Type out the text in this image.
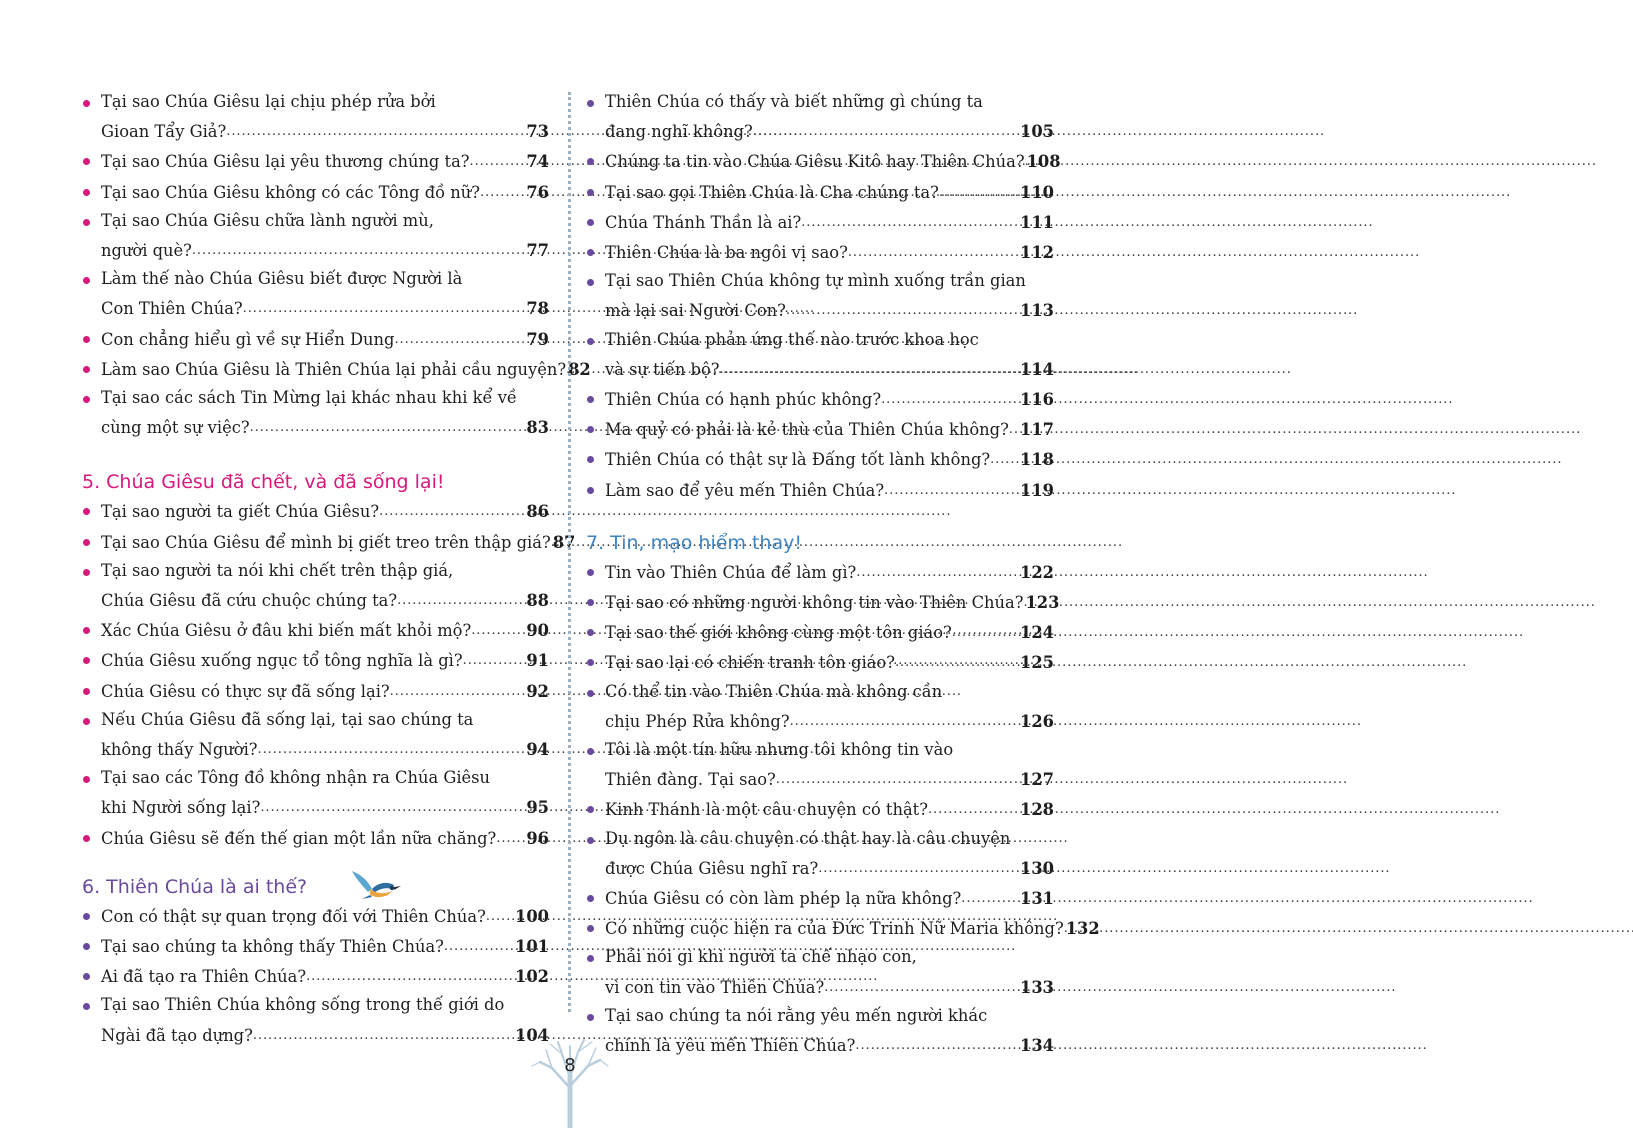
Tại sao Chúa Giêsu lại chịu phép rửa bởi
Gioan Tẩy Giả? . . .	73
Tại sao Chúa Giêsu lại yêu thương chúng ta? . . .	74
Tại sao Chúa Giêsu không có các Tông đồ nữ? . . .	76
Tại sao Chúa Giêsu chữa lành người mù,
người què? . . .	77
Làm thế nào Chúa Giêsu biết được Người là
Con Thiên Chúa? . . .	78
Con chẳng hiểu gì về sự Hiển Dung . . .	79
Làm sao Chúa Giêsu là Thiên Chúa lại phải cầu nguyện? 82
Tại sao các sách Tin Mừng lại khác nhau khi kể về
cùng một sự việc? . . .	83
5. Chúa Giêsu đã chết, và đã sống lại!
Tại sao người ta giết Chúa Giêsu? . . .	86
Tại sao Chúa Giêsu để mình bị giết treo trên thập giá? 87
Tại sao người ta nói khi chết trên thập giá,
Chúa Giêsu đã cứu chuộc chúng ta? . . .	88
Xác Chúa Giêsu ở đâu khi biến mất khỏi mộ? . . .	90
Chúa Giêsu xuống ngục tổ tông nghĩa là gì? . . .	91
Chúa Giêsu có thực sự đã sống lại? . . .	92
Nếu Chúa Giêsu đã sống lại, tại sao chúng ta
không thấy Người? . . .	94
Tại sao các Tông đồ không nhận ra Chúa Giêsu
khi Người sống lại? . . .	95
Chúa Giêsu sẽ đến thế gian một lần nữa chăng? . . . 96
6. Thiên Chúa là ai thế?
Con có thật sự quan trọng đối với Thiên Chúa? . . . 100
Tại sao chúng ta không thấy Thiên Chúa? . . .	101
Ai đã tạo ra Thiên Chúa? . . .	102
Tại sao Thiên Chúa không sống trong thế giới do
Ngài đã tạo dựng? . . .	104
Thiên Chúa có thấy và biết những gì chúng ta
đang nghĩ không? . . .	105
Chúng ta tin vào Chúa Giêsu Kitô hay Thiên Chúa? 108
Tại sao gọi Thiên Chúa là Cha chúng ta? . . .	110
Chúa Thánh Thần là ai? . . .	111
Thiên Chúa là ba ngôi vị sao? . . .	112
Tại sao Thiên Chúa không tự mình xuống trần gian
mà lại sai Người Con? . . .	113
Thiên Chúa phản ứng thế nào trước khoa học
và sự tiến bộ? . . .	114
Thiên Chúa có hạnh phúc không? . . .	116
Ma quỷ có phải là kẻ thù của Thiên Chúa không? . . . 117
Thiên Chúa có thật sự là Đấng tốt lành không? . . . 118
Làm sao để yêu mến Thiên Chúa? . . .	119
7. Tin, mạo hiểm thay!
Tin vào Thiên Chúa để làm gì? . . .	122
Tại sao có những người không tin vào Thiên Chúa? 123
Tại sao thế giới không cùng một tôn giáo? . . .	124
Tại sao lại có chiến tranh tôn giáo? . . .	125
Có thể tin vào Thiên Chúa mà không cần
chịu Phép Rửa không? . . .	126
Tôi là một tín hữu nhưng tôi không tin vào
Thiên đàng. Tại sao? . . .	127
Kinh Thánh là một câu chuyện có thật? . . .	128
Dụ ngôn là câu chuyện có thật hay là câu chuyện
được Chúa Giêsu nghĩ ra? . . .	130
Chúa Giêsu có còn làm phép lạ nữa không? . . .	131
Có những cuộc hiện ra của Đức Trinh Nữ Maria không? 132
Phải nói gì khi người ta chế nhạo con,
vì con tin vào Thiên Chúa? . . .	133
Tại sao chúng ta nói rằng yêu mến người khác
chính là yêu mến Thiên Chúa? . . .	134
8
